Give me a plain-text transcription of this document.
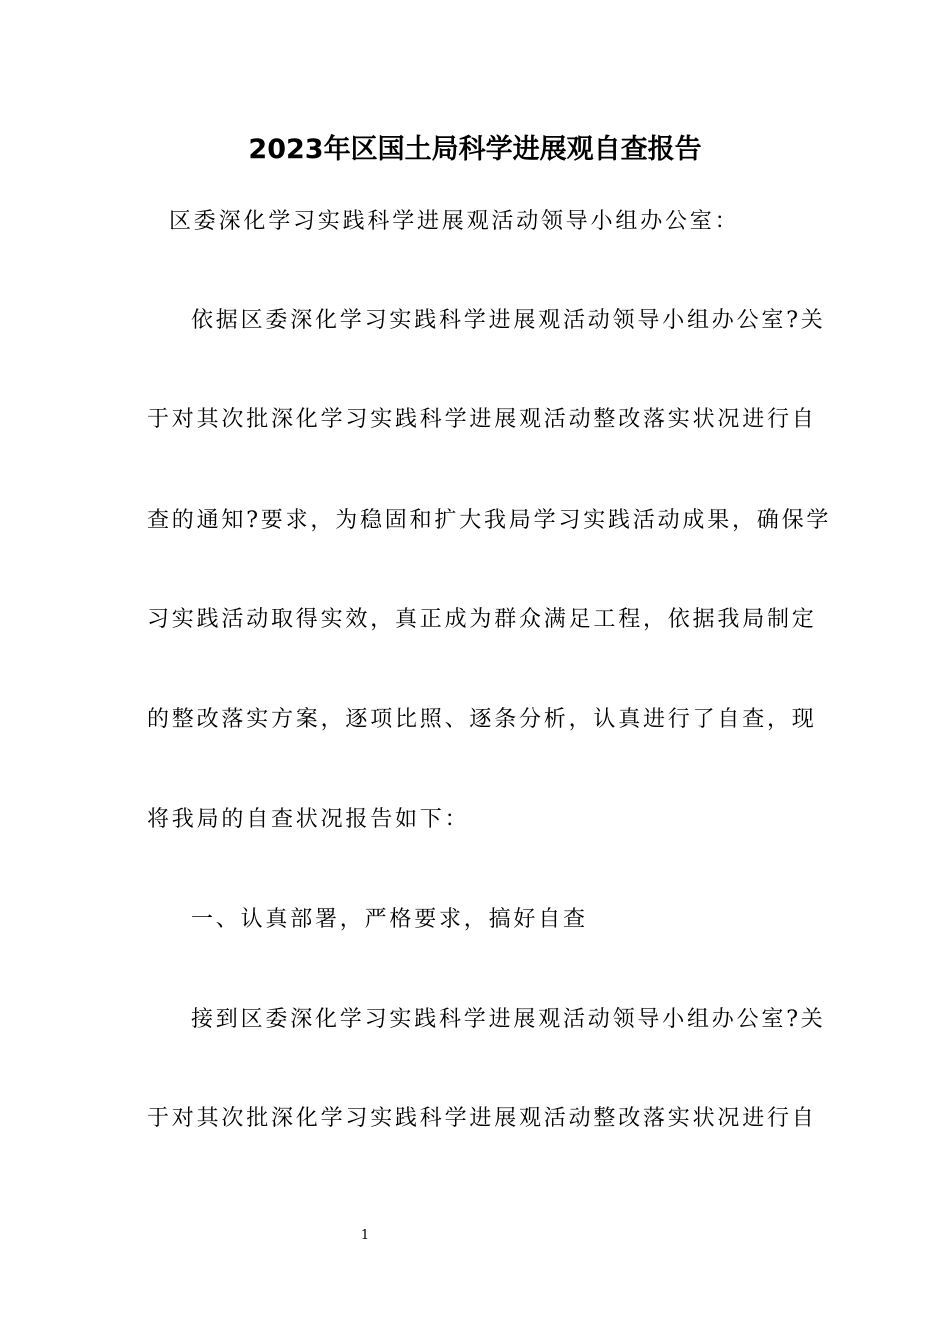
2023年区国土局科学进展观自查报告
区委深化学习实践科学进展观活动领导小组办公室：
依据区委深化学习实践科学进展观活动领导小组办公室?关
于对其次批深化学习实践科学进展观活动整改落实状况进行自
查的通知?要求，为稳固和扩大我局学习实践活动成果，确保学
习实践活动取得实效，真正成为群众满足工程，依据我局制定
的整改落实方案，逐项比照、逐条分析，认真进行了自查，现
将我局的自查状况报告如下：
一、认真部署，严格要求，搞好自查
接到区委深化学习实践科学进展观活动领导小组办公室?关
于对其次批深化学习实践科学进展观活动整改落实状况进行自
1
